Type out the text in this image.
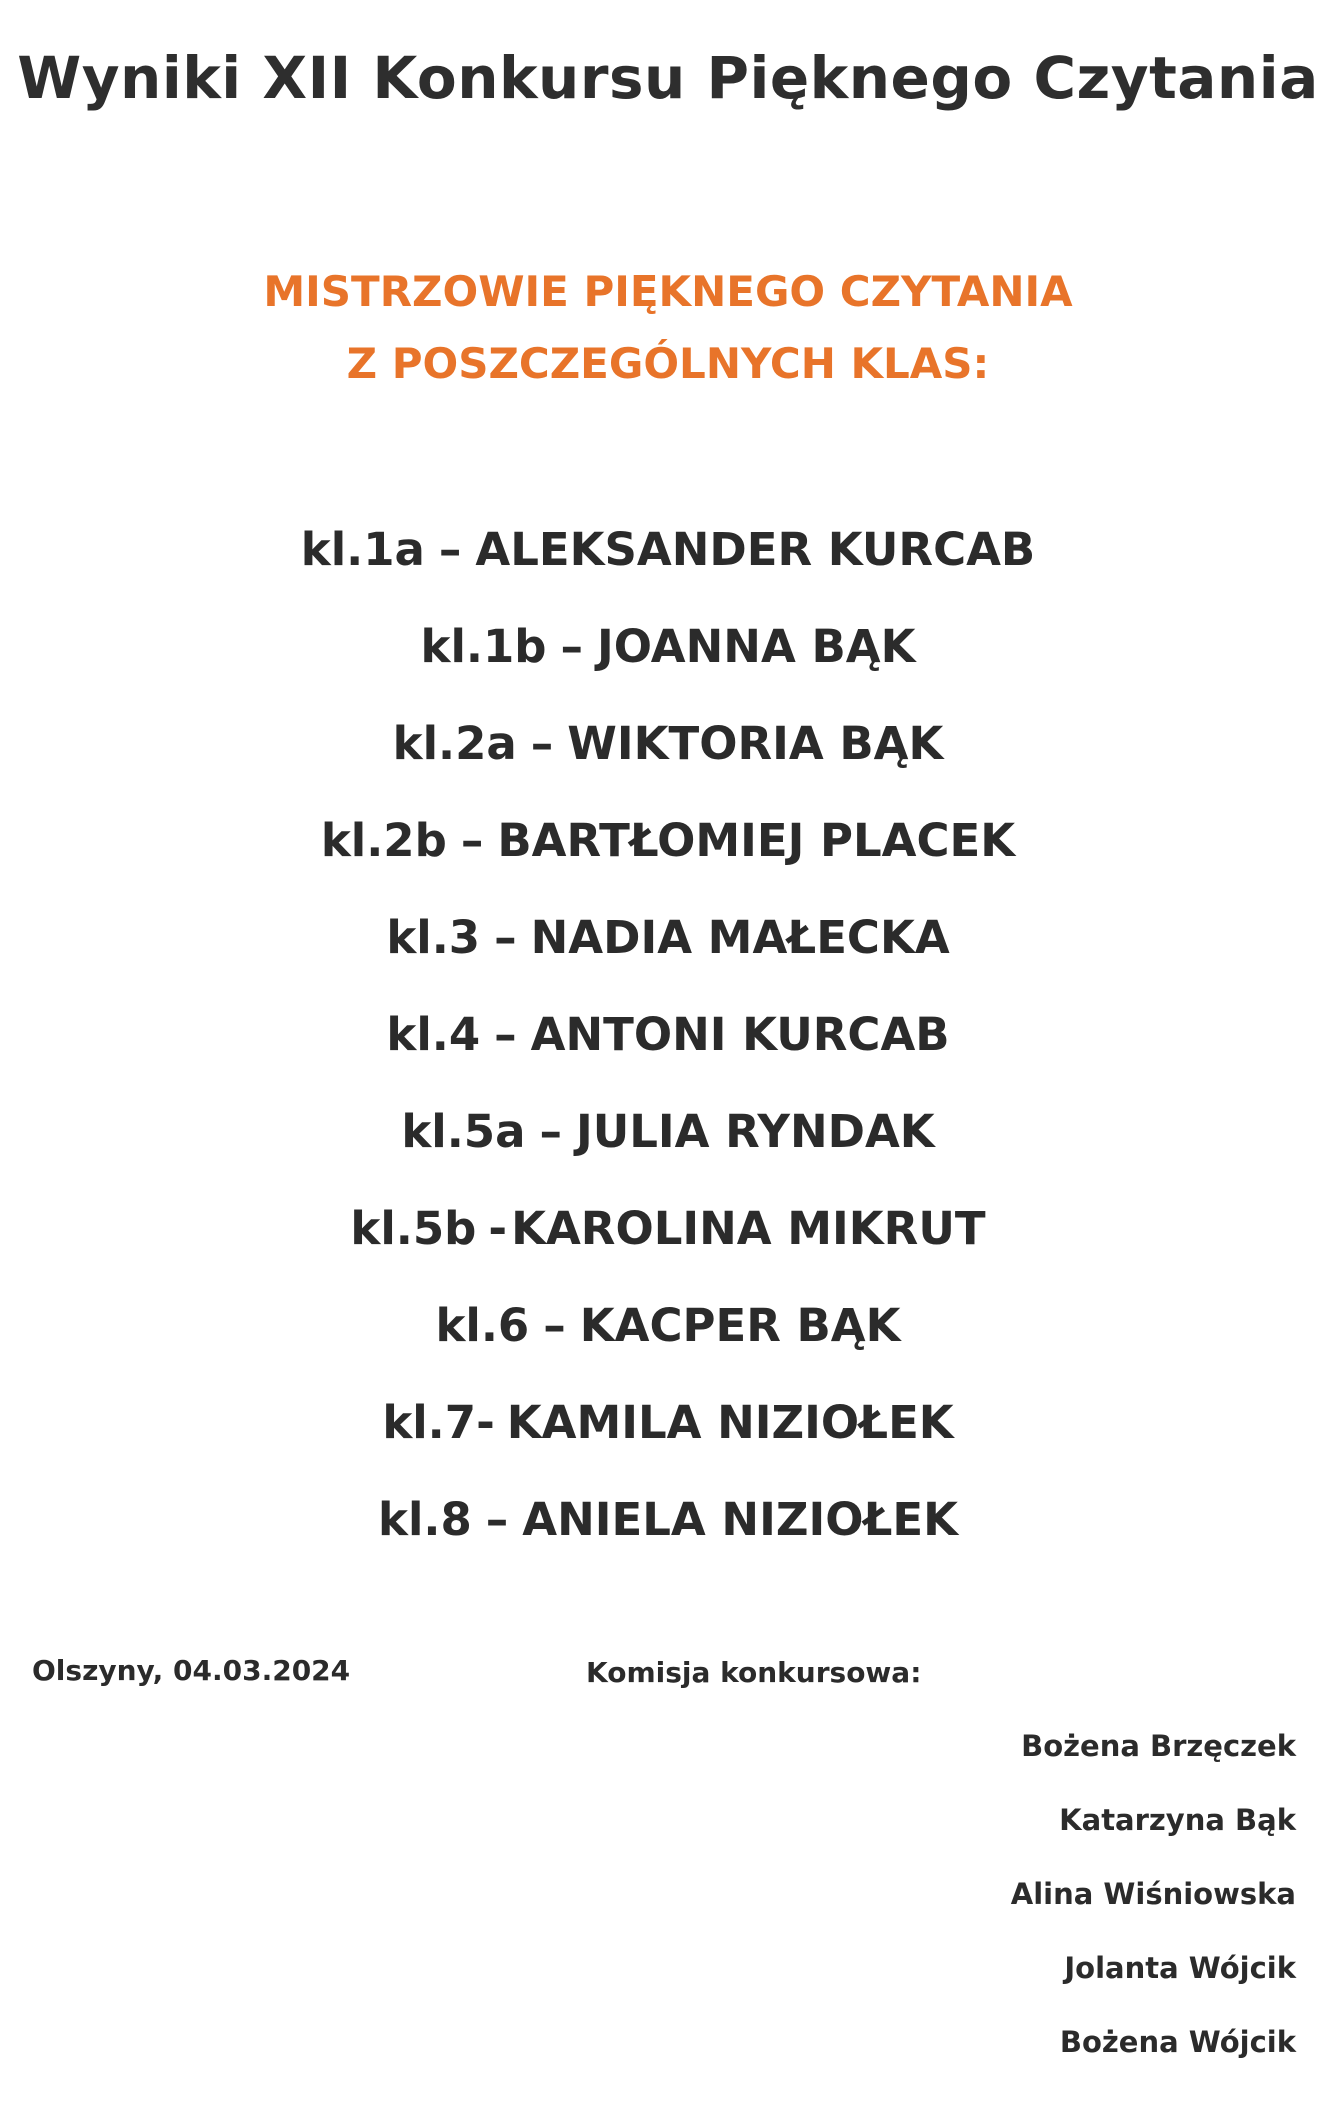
Wyniki XII Konkursu Pięknego Czytania
MISTRZOWIE PIĘKNEGO CZYTANIA
Z POSZCZEGÓLNYCH KLAS:
kl.1a – ALEKSANDER KURCAB
kl.1b – JOANNA BĄK
kl.2a – WIKTORIA BĄK
kl.2b – BARTŁOMIEJ PLACEK
kl.3 – NADIA MAŁECKA
kl.4 – ANTONI KURCAB
kl.5a – JULIA RYNDAK
kl.5b -KAROLINA MIKRUT
kl.6 – KACPER BĄK
kl.7- KAMILA NIZIOŁEK
kl.8 – ANIELA NIZIOŁEK
Olszyny, 04.03.2024	Komisja konkursowa:
Bożena Brzęczek
Katarzyna Bąk
Alina Wiśniowska
Jolanta Wójcik
Bożena Wójcik
